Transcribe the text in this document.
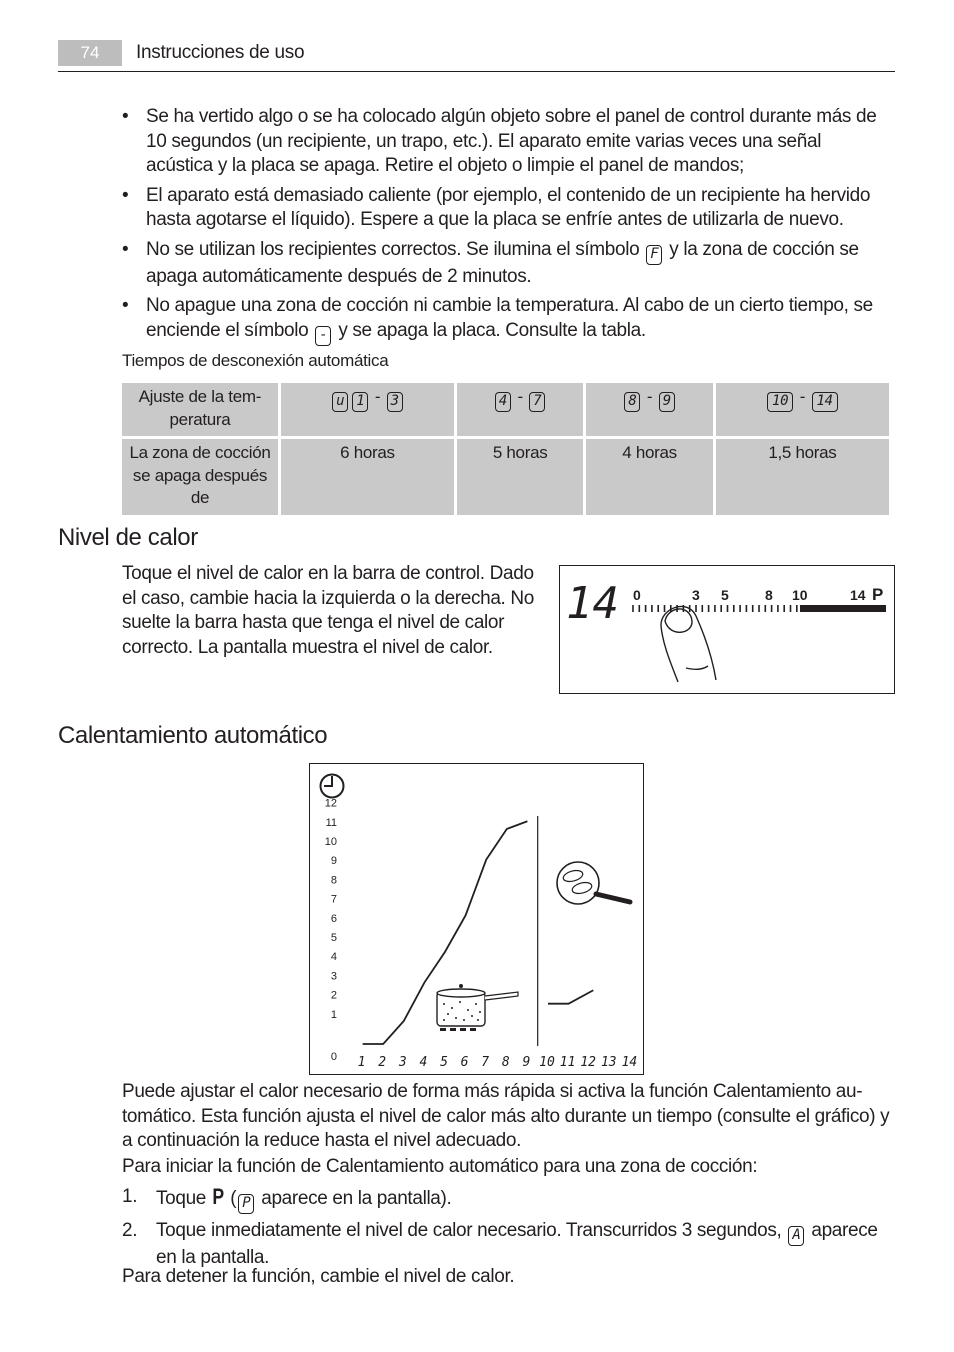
74	Instrucciones de uso
• Se ha vertido algo o se ha colocado algún objeto sobre el panel de control durante más de 10 segundos (un recipiente, un trapo, etc.). El aparato emite varias veces una señal acústica y la placa se apaga. Retire el objeto o limpie el panel de mandos;
• El aparato está demasiado caliente (por ejemplo, el contenido de un recipiente ha hervido hasta agotarse el líquido). Espere a que la placa se enfríe antes de utilizarla de nuevo.
• No se utilizan los recipientes correctos. Se ilumina el símbolo F y la zona de cocción se apaga automáticamente después de 2 minutos.
• No apague una zona de cocción ni cambie la temperatura. Al cabo de un cierto tiempo, se enciende el símbolo - y se apaga la placa. Consulte la tabla.
Tiempos de desconexión automática
Ajuste de la temperatura	u 1 - 3	4 - 7	8 - 9	10 - 14
La zona de cocción se apaga después de	6 horas	5 horas	4 horas	1,5 horas
Nivel de calor
Toque el nivel de calor en la barra de control. Dado el caso, cambie hacia la izquierda o la derecha. No suelte la barra hasta que tenga el nivel de calor correcto. La pantalla muestra el nivel de calor.
14 0	3 5	8 10	14 P
Calentamiento automático
0
1
2
3
4
5
6
7
8
9
10
11
12
1 2 3 4 5 6 7 8 9 10 11 12 13 14
Puede ajustar el calor necesario de forma más rápida si activa la función Calentamiento automático. Esta función ajusta el nivel de calor más alto durante un tiempo (consulte el gráfico) y a continuación la reduce hasta el nivel adecuado.
Para iniciar la función de Calentamiento automático para una zona de cocción:
1. Toque P ( P aparece en la pantalla).
2. Toque inmediatamente el nivel de calor necesario. Transcurridos 3 segundos, A aparece en la pantalla.
Para detener la función, cambie el nivel de calor.
